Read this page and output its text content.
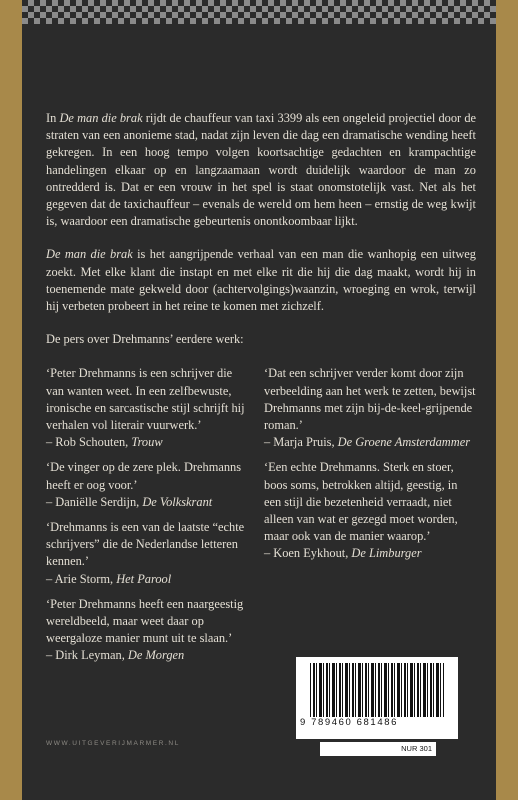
In De man die brak rijdt de chauffeur van taxi 3399 als een ongeleid projectiel door de straten van een anonieme stad, nadat zijn leven die dag een dramatische wending heeft gekregen. In een hoog tempo volgen koortsachtige gedachten en krampachtige handelingen elkaar op en langzaamaan wordt duidelijk waardoor de man zo ontredderd is. Dat er een vrouw in het spel is staat onomstotelijk vast. Net als het gegeven dat de taxichauffeur – evenals de wereld om hem heen – ernstig de weg kwijt is, waardoor een dramatische gebeurtenis onontkoombaar lijkt.

De man die brak is het aangrijpende verhaal van een man die wanhopig een uitweg zoekt. Met elke klant die instapt en met elke rit die hij die dag maakt, wordt hij in toenemende mate gekweld door (achtervolgings)waanzin, wroeging en wrok, terwijl hij verbeten probeert in het reine te komen met zichzelf.

De pers over Drehmanns’ eerdere werk:

‘Peter Drehmanns is een schrijver die van wanten weet. In een zelfbewuste, ironische en sarcastische stijl schrijft hij verhalen vol literair vuurwerk.’
– Rob Schouten, Trouw
‘De vinger op de zere plek. Drehmanns heeft er oog voor.’
– Daniëlle Serdijn, De Volkskrant
‘Drehmanns is een van de laatste “echte schrijvers” die de Nederlandse letteren kennen.’
– Arie Storm, Het Parool
‘Peter Drehmanns heeft een naargeestig wereldbeeld, maar weet daar op weergaloze manier munt uit te slaan.’
– Dirk Leyman, De Morgen
‘Dat een schrijver verder komt door zijn verbeelding aan het werk te zetten, bewijst Drehmanns met zijn bij-de-keel-grijpende roman.’
– Marja Pruis, De Groene Amsterdammer
‘Een echte Drehmanns. Sterk en stoer, boos soms, betrokken altijd, geestig, in een stijl die bezetenheid verraadt, niet alleen van wat er gezegd moet worden, maar ook van de manier waarop.’
– Koen Eykhout, De Limburger
WWW.UITGEVERIJMARMER.NL
9 789460 681486
NUR 301
